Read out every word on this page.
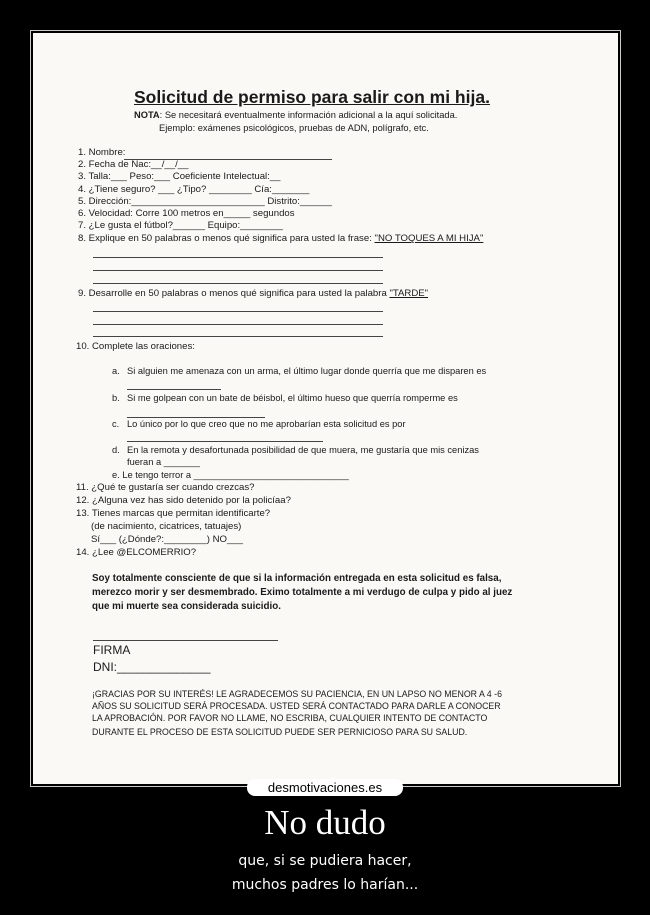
Solicitud de permiso para salir con mi hija.
NOTA: Se necesitará eventualmente información adicional a la aquí solicitada.
Ejemplo: exámenes psicológicos, pruebas de ADN, polígrafo, etc.
1. Nombre:
2. Fecha de Nac:__/__/__
3. Talla:___ Peso:___ Coeficiente Intelectual:__
4. ¿Tiene seguro? ___ ¿Tipo? ________ Cía:_______
5. Dirección:_________________________ Distrito:______
6. Velocidad: Corre 100 metros en_____ segundos
7. ¿Le gusta el fútbol?______ Equipo:________
8. Explique en 50 palabras o menos qué significa para usted la frase: "NO TOQUES A MI HIJA"
9. Desarrolle en 50 palabras o menos qué significa para usted la palabra "TARDE"
10. Complete las oraciones:
a. Si alguien me amenaza con un arma, el último lugar donde querría que me disparen es
b. Si me golpean con un bate de béisbol, el último hueso que querría romperme es
c. Lo único por lo que creo que no me aprobarían esta solicitud es por
d. En la remota y desafortunada posibilidad de que muera, me gustaría que mis cenizas
fueran a _______
e. Le tengo terror a ______________________________
11. ¿Qué te gustaría ser cuando crezcas?
12. ¿Alguna vez has sido detenido por la policíaa?
13. Tienes marcas que permitan identificarte?
(de nacimiento, cicatrices, tatuajes)
Sí___ (¿Dónde?:________) NO___
14. ¿Lee @ELCOMERRIO?
Soy totalmente consciente de que si la información entregada en esta solicitud es falsa,
merezco morir y ser desmembrado. Eximo totalmente a mi verdugo de culpa y pido al juez
que mi muerte sea considerada suicidio.
FIRMA
DNI:______________
¡GRACIAS POR SU INTERÉS! LE AGRADECEMOS SU PACIENCIA, EN UN LAPSO NO MENOR A 4 -6
AÑOS SU SOLICITUD SERÁ PROCESADA. USTED SERÁ CONTACTADO PARA DARLE A CONOCER
LA APROBACIÓN. POR FAVOR NO LLAME, NO ESCRIBA, CUALQUIER INTENTO DE CONTACTO
DURANTE EL PROCESO DE ESTA SOLICITUD PUEDE SER PERNICIOSO PARA SU SALUD.
desmotivaciones.es
No dudo
que, si se pudiera hacer,
muchos padres lo harían...
